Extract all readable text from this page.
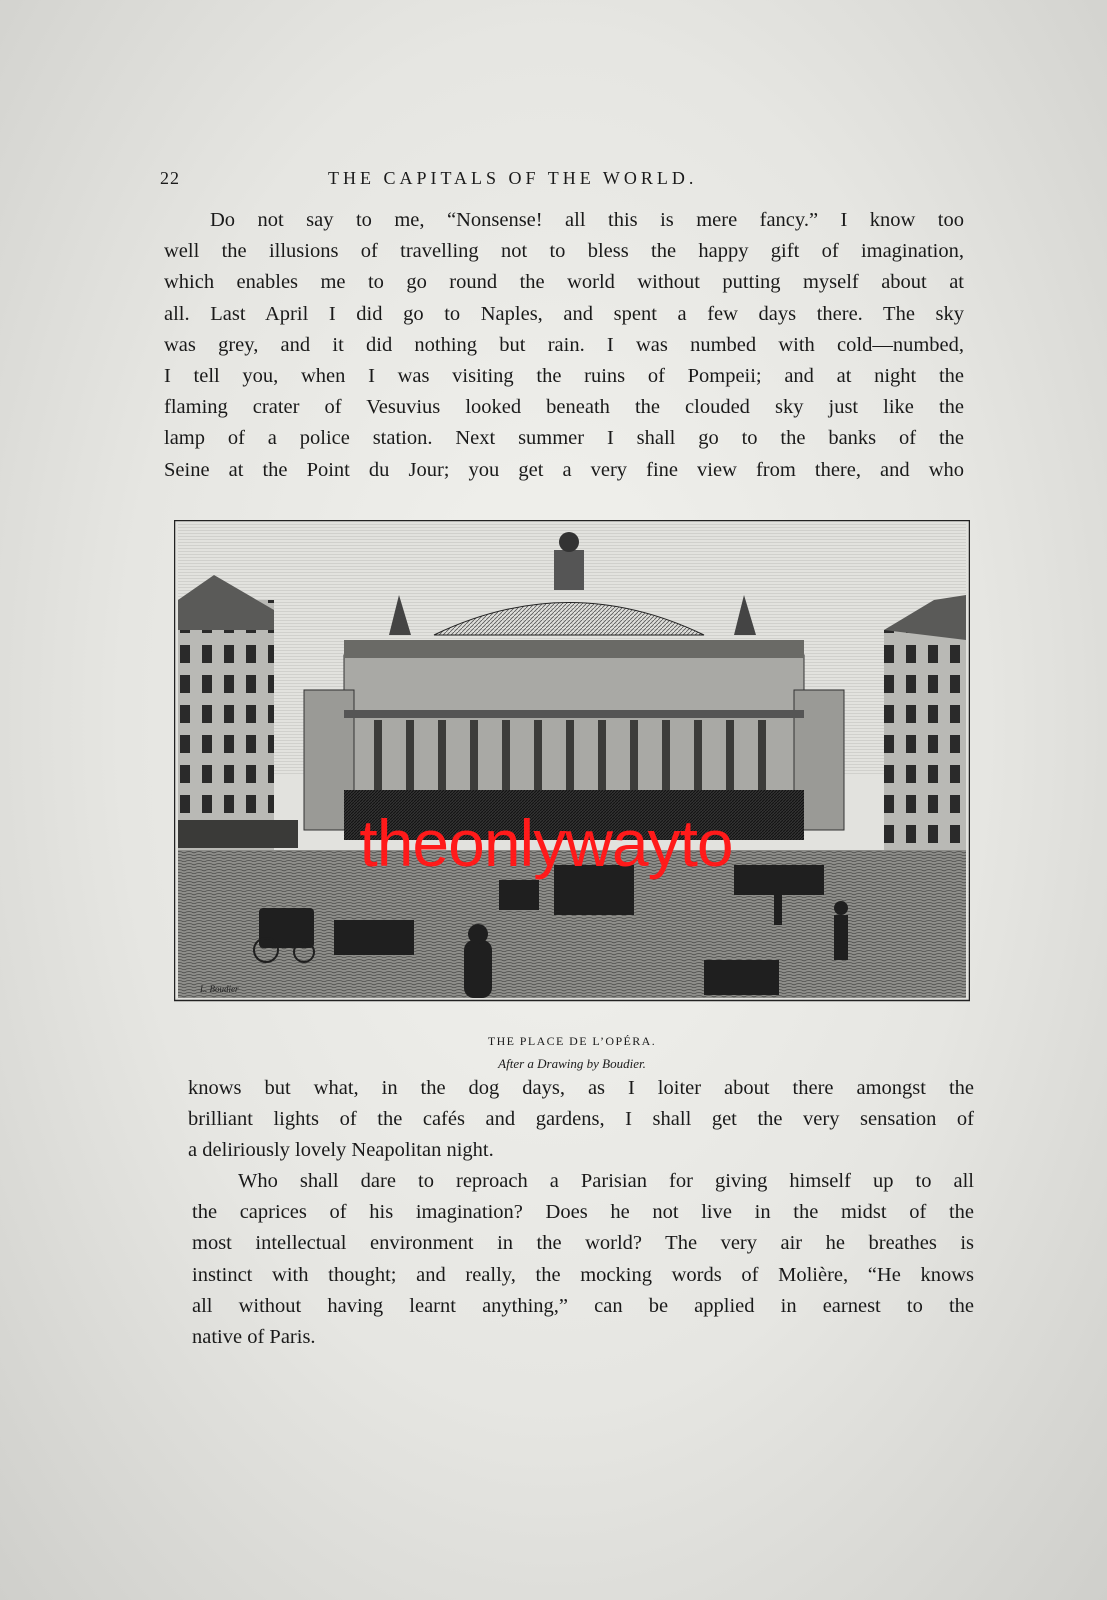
22	THE CAPITALS OF THE WORLD.
Do not say to me, “Nonsense! all this is mere fancy.” I know too
well the illusions of travelling not to bless the happy gift of imagination,
which enables me to go round the world without putting myself about at
all. Last April I did go to Naples, and spent a few days there. The sky
was grey, and it did nothing but rain. I was numbed with cold—numbed,
I tell you, when I was visiting the ruins of Pompeii; and at night the
flaming crater of Vesuvius looked beneath the clouded sky just like the
lamp of a police station. Next summer I shall go to the banks of the
Seine at the Point du Jour; you get a very fine view from there, and who
L. Boudier
theonlywayto
THE PLACE DE L’OPÉRA.
After a Drawing by Boudier.
knows but what, in the dog days, as I loiter about there amongst the
brilliant lights of the cafés and gardens, I shall get the very sensation of
a deliriously lovely Neapolitan night.
Who shall dare to reproach a Parisian for giving himself up to all
the caprices of his imagination? Does he not live in the midst of the
most intellectual environment in the world? The very air he breathes is
instinct with thought; and really, the mocking words of Molière, “He knows
all without having learnt anything,” can be applied in earnest to the
native of Paris.
